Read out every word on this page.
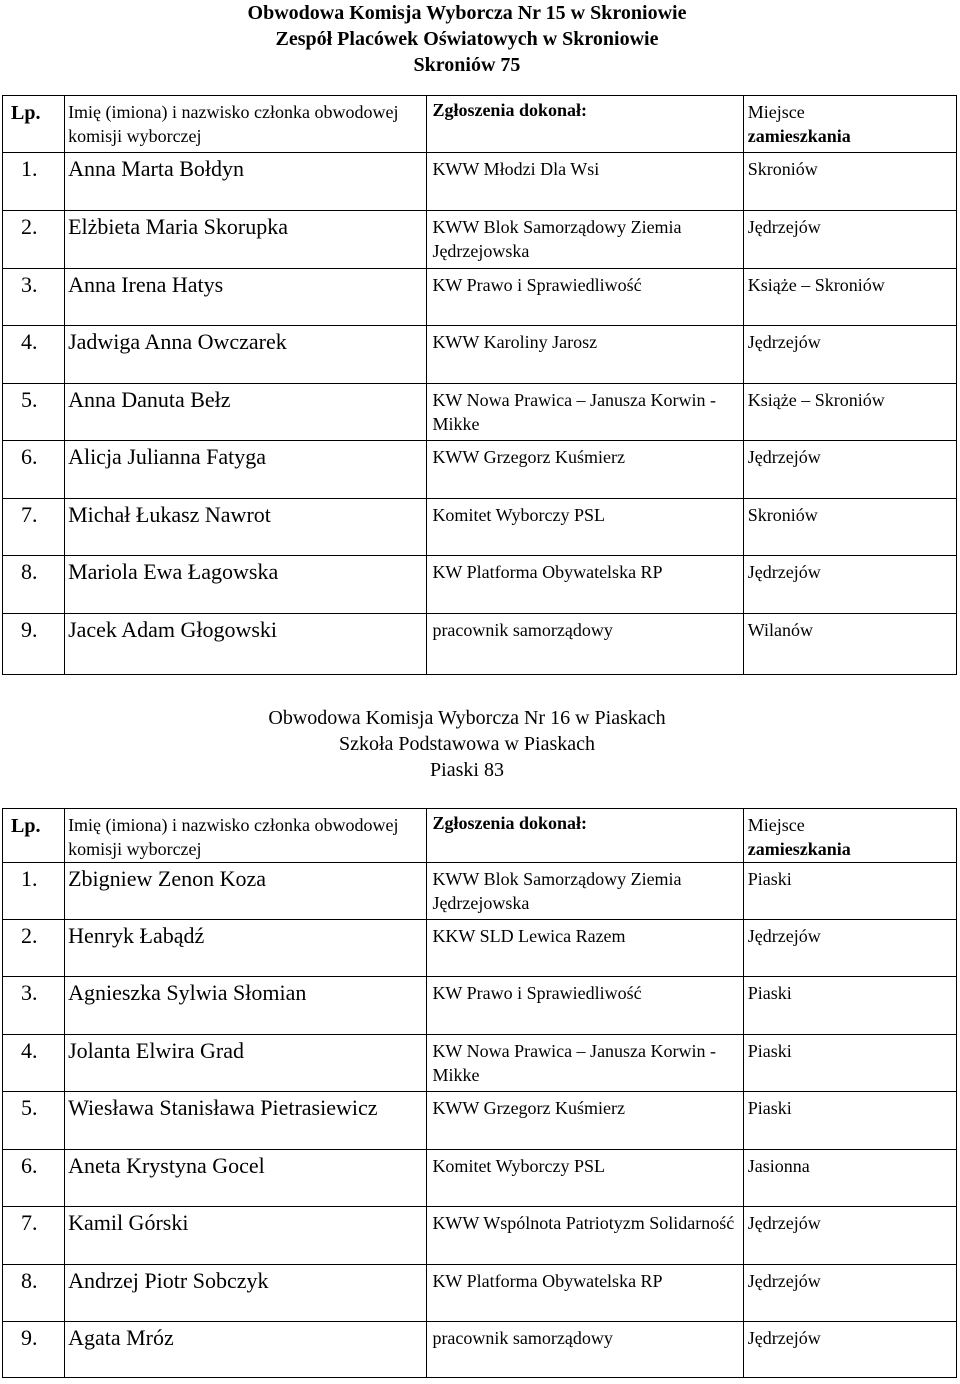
Obwodowa Komisja Wyborcza Nr 15 w Skroniowie
Zespół Placówek Oświatowych w Skroniowie
Skroniów 75
Lp.	Imię (imiona) i nazwisko członka obwodowej komisji wyborczej	Zgłoszenia dokonał:	Miejsce
zamieszkania

1.	Anna Marta Bołdyn	KWW Młodzi Dla Wsi	Skroniów
2.	Elżbieta Maria Skorupka	KWW Blok Samorządowy Ziemia Jędrzejowska	Jędrzejów
3.	Anna Irena Hatys	KW Prawo i Sprawiedliwość	Książe – Skroniów
4.	Jadwiga Anna Owczarek	KWW Karoliny Jarosz	Jędrzejów
5.	Anna Danuta Bełz	KW Nowa Prawica – Janusza Korwin - Mikke	Książe – Skroniów
6.	Alicja Julianna Fatyga	KWW Grzegorz Kuśmierz	Jędrzejów
7.	Michał Łukasz Nawrot	Komitet Wyborczy PSL	Skroniów
8.	Mariola Ewa Łagowska	KW Platforma Obywatelska RP	Jędrzejów
9.	Jacek Adam Głogowski	pracownik samorządowy	Wilanów
Obwodowa Komisja Wyborcza Nr 16 w Piaskach
Szkoła Podstawowa w Piaskach
Piaski 83
Lp.	Imię (imiona) i nazwisko członka obwodowej komisji wyborczej	Zgłoszenia dokonał:	Miejsce
zamieszkania

1.	Zbigniew Zenon Koza	KWW Blok Samorządowy Ziemia Jędrzejowska	Piaski
2.	Henryk Łabądź	KKW SLD Lewica Razem	Jędrzejów
3.	Agnieszka Sylwia Słomian	KW Prawo i Sprawiedliwość	Piaski
4.	Jolanta Elwira Grad	KW Nowa Prawica – Janusza Korwin - Mikke	Piaski
5.	Wiesława Stanisława Pietrasiewicz	KWW Grzegorz Kuśmierz	Piaski
6.	Aneta Krystyna Gocel	Komitet Wyborczy PSL	Jasionna
7.	Kamil Górski	KWW Wspólnota Patriotyzm Solidarność	Jędrzejów
8.	Andrzej Piotr Sobczyk	KW Platforma Obywatelska RP	Jędrzejów
9.	Agata Mróz	pracownik samorządowy	Jędrzejów
